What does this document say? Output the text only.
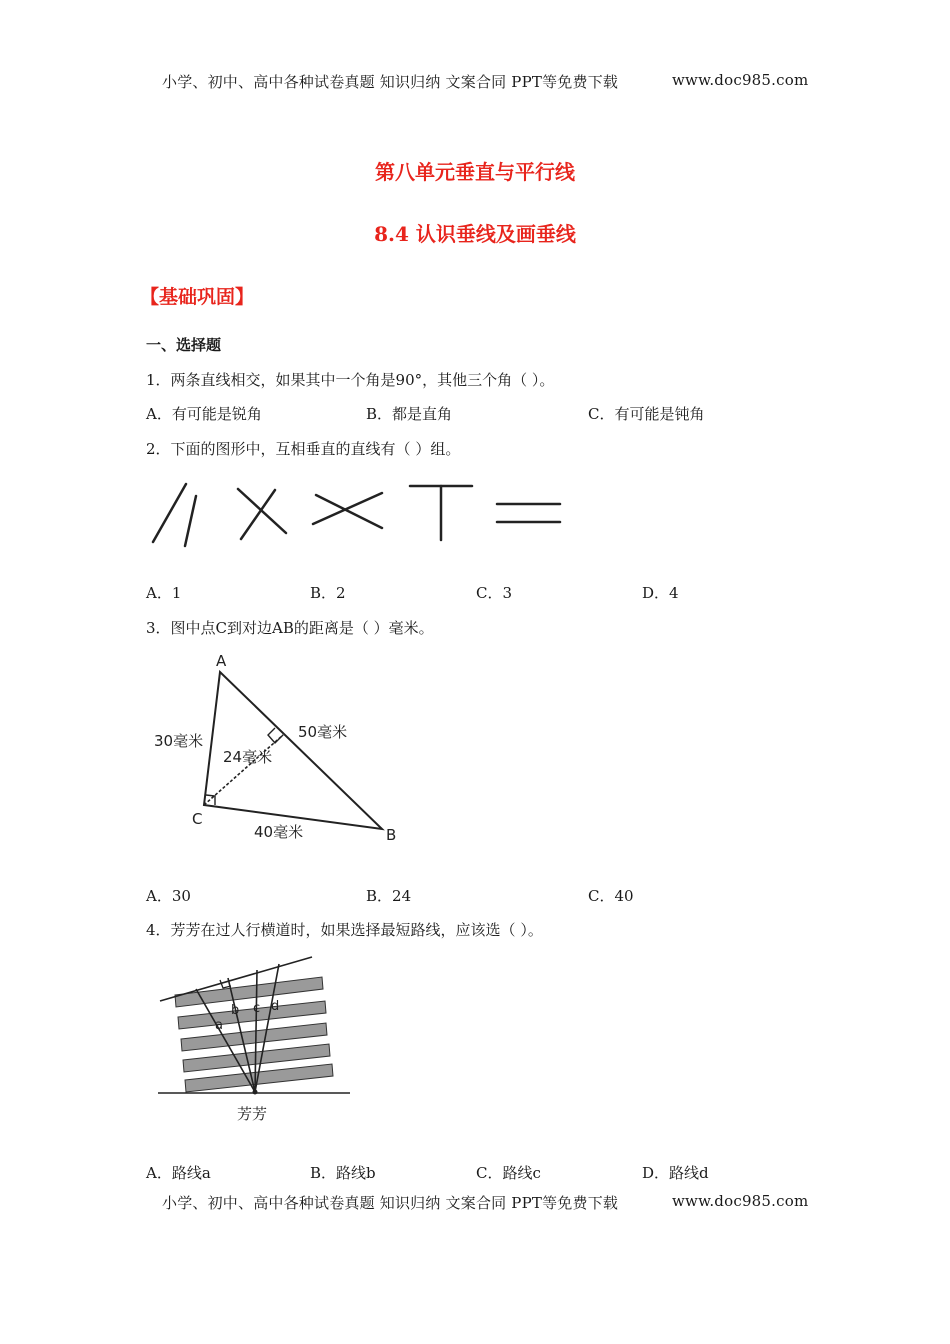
小学、初中、高中各种试卷真题 知识归纳 文案合同 PPT等免费下载	www.doc985.com
第八单元垂直与平行线
8.4 认识垂线及画垂线
【基础巩固】
一、选择题
1．两条直线相交，如果其中一个角是90°，其他三个角（ ）。
A．有可能是锐角	B．都是直角	C．有可能是钝角
2．下面的图形中，互相垂直的直线有（ ）组。
A．1	B．2	C．3	D．4
3．图中点C到对边AB的距离是（ ）毫米。
A
B
C
30毫米	50毫米
24毫米
40毫米
A．30	B．24	C．40
4．芳芳在过人行横道时，如果选择最短路线，应该选（ ）。
a
b c d
芳芳
A．路线a	B．路线b	C．路线c	D．路线d
小学、初中、高中各种试卷真题 知识归纳 文案合同 PPT等免费下载	www.doc985.com
